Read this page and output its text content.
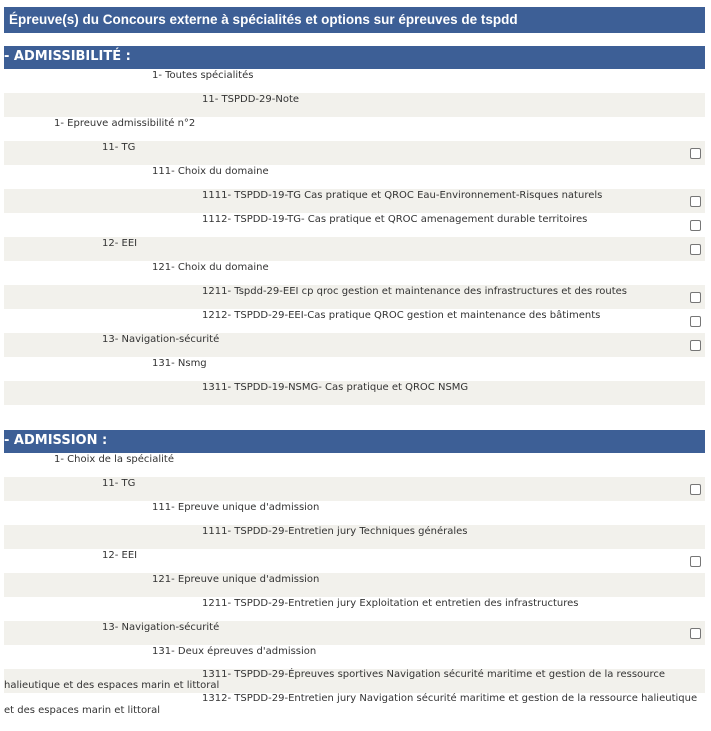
Épreuve(s) du Concours externe à spécialités et options sur épreuves de tspdd
- ADMISSIBILITÉ :
1- Toutes spécialités
11- TSPDD-29-Note
1- Epreuve admissibilité n°2
11- TG
111- Choix du domaine
1111- TSPDD-19-TG Cas pratique et QROC Eau-Environnement-Risques naturels
1112- TSPDD-19-TG- Cas pratique et QROC amenagement durable territoires
12- EEI
121- Choix du domaine
1211- Tspdd-29-EEI cp qroc gestion et maintenance des infrastructures et des routes
1212- TSPDD-29-EEI-Cas pratique QROC gestion et maintenance des bâtiments
13- Navigation-sécurité
131- Nsmg
1311- TSPDD-19-NSMG- Cas pratique et QROC NSMG
- ADMISSION :
1- Choix de la spécialité
11- TG
111- Epreuve unique d'admission
1111- TSPDD-29-Entretien jury Techniques générales
12- EEI
121- Epreuve unique d'admission
1211- TSPDD-29-Entretien jury Exploitation et entretien des infrastructures
13- Navigation-sécurité
131- Deux épreuves d'admission
1311- TSPDD-29-Épreuves sportives Navigation sécurité maritime et gestion de la ressource halieutique et des espaces marin et littoral
1312- TSPDD-29-Entretien jury Navigation sécurité maritime et gestion de la ressource halieutique et des espaces marin et littoral
